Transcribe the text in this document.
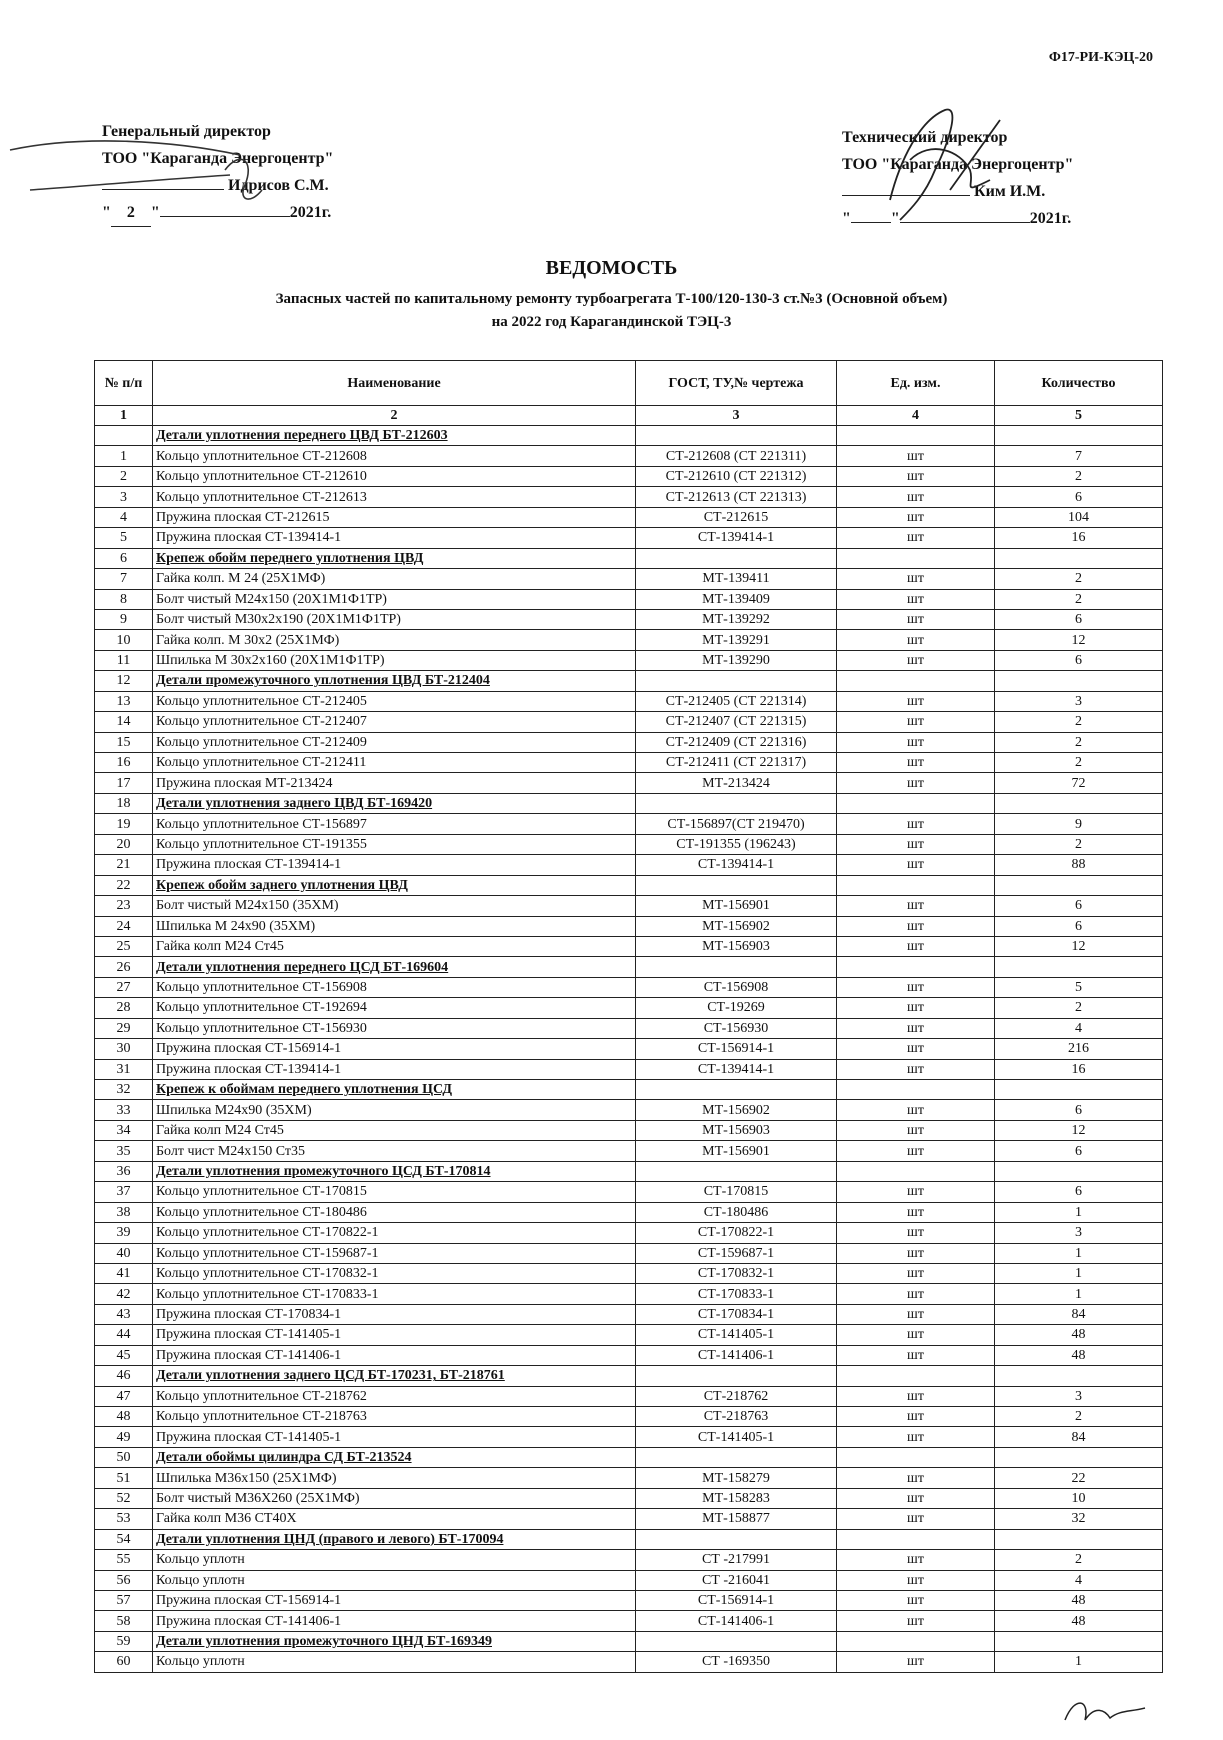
Ф17-РИ-КЭЦ-20
Генеральный директор
ТОО "Караганда Энергоцентр"
Идрисов С.М.
" 2 "	2021г.
Технический директор
ТОО "Караганда Энергоцентр"
Ким И.М.
"	"	2021г.
ВЕДОМОСТЬ
Запасных частей по капитальному ремонту турбоагрегата Т-100/120-130-3 ст.№3 (Основной объем)
на 2022 год Карагандинской ТЭЦ-3
№ п/п	Наименование	ГОСТ, ТУ,№ чертежа	Ед. изм.	Количество
1	2	3	4	5
	Детали уплотнения переднего ЦВД БТ-212603			
1	Кольцо уплотнительное СТ-212608	СТ-212608 (СТ 221311)	шт	7
2	Кольцо уплотнительное СТ-212610	СТ-212610 (СТ 221312)	шт	2
3	Кольцо уплотнительное СТ-212613	СТ-212613 (СТ 221313)	шт	6
4	Пружина плоская СТ-212615	СТ-212615	шт	104
5	Пружина плоская СТ-139414-1	СТ-139414-1	шт	16
6	Крепеж обойм переднего уплотнения ЦВД			
7	Гайка колп. М 24 (25Х1МФ)	МТ-139411	шт	2
8	Болт чистый М24х150 (20Х1М1Ф1ТР)	МТ-139409	шт	2
9	Болт чистый М30х2х190 (20Х1М1Ф1ТР)	МТ-139292	шт	6
10	Гайка колп. М 30х2 (25Х1МФ)	МТ-139291	шт	12
11	Шпилька М 30х2х160 (20Х1М1Ф1ТР)	МТ-139290	шт	6
12	Детали промежуточного уплотнения ЦВД БТ-212404			
13	Кольцо уплотнительное СТ-212405	СТ-212405 (СТ 221314)	шт	3
14	Кольцо уплотнительное СТ-212407	СТ-212407 (СТ 221315)	шт	2
15	Кольцо уплотнительное СТ-212409	СТ-212409 (СТ 221316)	шт	2
16	Кольцо уплотнительное СТ-212411	СТ-212411 (СТ 221317)	шт	2
17	Пружина плоская МТ-213424	МТ-213424	шт	72
18	Детали уплотнения заднего ЦВД БТ-169420			
19	Кольцо уплотнительное СТ-156897	СТ-156897(СТ 219470)	шт	9
20	Кольцо уплотнительное СТ-191355	СТ-191355 (196243)	шт	2
21	Пружина плоская СТ-139414-1	СТ-139414-1	шт	88
22	Крепеж обойм заднего уплотнения ЦВД			
23	Болт чистый М24х150 (35ХМ)	МТ-156901	шт	6
24	Шпилька М 24х90 (35ХМ)	МТ-156902	шт	6
25	Гайка колп М24 Ст45	МТ-156903	шт	12
26	Детали уплотнения переднего ЦСД БТ-169604			
27	Кольцо уплотнительное СТ-156908	СТ-156908	шт	5
28	Кольцо уплотнительное СТ-192694	СТ-19269	шт	2
29	Кольцо уплотнительное СТ-156930	СТ-156930	шт	4
30	Пружина плоская СТ-156914-1	СТ-156914-1	шт	216
31	Пружина плоская СТ-139414-1	СТ-139414-1	шт	16
32	Крепеж к обоймам переднего уплотнения ЦСД			
33	Шпилька М24х90 (35ХМ)	МТ-156902	шт	6
34	Гайка колп М24 Ст45	МТ-156903	шт	12
35	Болт чист М24х150 Ст35	МТ-156901	шт	6
36	Детали уплотнения промежуточного ЦСД БТ-170814			
37	Кольцо уплотнительное СТ-170815	СТ-170815	шт	6
38	Кольцо уплотнительное СТ-180486	СТ-180486	шт	1
39	Кольцо уплотнительное СТ-170822-1	СТ-170822-1	шт	3
40	Кольцо уплотнительное СТ-159687-1	СТ-159687-1	шт	1
41	Кольцо уплотнительное СТ-170832-1	СТ-170832-1	шт	1
42	Кольцо уплотнительное СТ-170833-1	СТ-170833-1	шт	1
43	Пружина плоская СТ-170834-1	СТ-170834-1	шт	84
44	Пружина плоская СТ-141405-1	СТ-141405-1	шт	48
45	Пружина плоская СТ-141406-1	СТ-141406-1	шт	48
46	Детали уплотнения заднего ЦСД БТ-170231, БТ-218761			
47	Кольцо уплотнительное СТ-218762	СТ-218762	шт	3
48	Кольцо уплотнительное СТ-218763	СТ-218763	шт	2
49	Пружина плоская СТ-141405-1	СТ-141405-1	шт	84
50	Детали обоймы цилиндра СД БТ-213524			
51	Шпилька М36х150 (25Х1МФ)	МТ-158279	шт	22
52	Болт чистый М36Х260 (25Х1МФ)	МТ-158283	шт	10
53	Гайка колп М36 СТ40Х	МТ-158877	шт	32
54	Детали уплотнения ЦНД (правого и левого) БТ-170094			
55	Кольцо уплотн	СТ -217991	шт	2
56	Кольцо уплотн	СТ -216041	шт	4
57	Пружина плоская СТ-156914-1	СТ-156914-1	шт	48
58	Пружина плоская СТ-141406-1	СТ-141406-1	шт	48
59	Детали уплотнения промежуточного ЦНД БТ-169349			
60	Кольцо уплотн	СТ -169350	шт	1
